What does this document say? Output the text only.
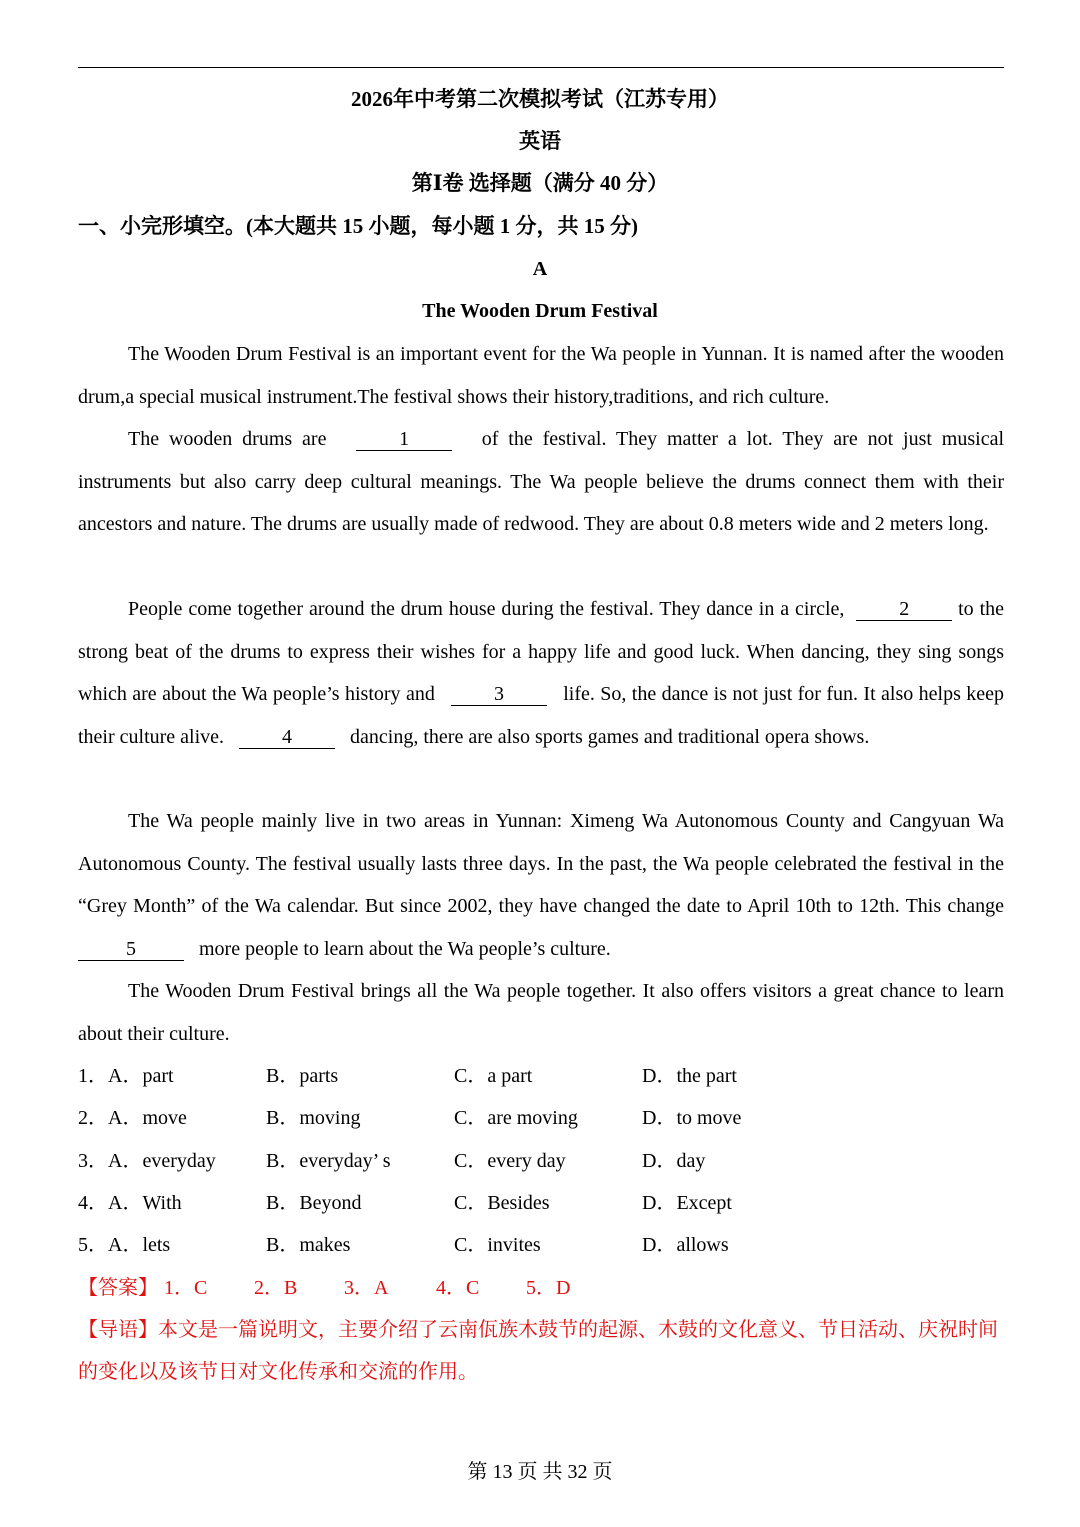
2026年中考第二次模拟考试（江苏专用）
英语
第Ⅰ卷 选择题（满分 40 分）
一、小完形填空。(本大题共 15 小题，每小题 1 分，共 15 分)
A
The Wooden Drum Festival
The Wooden Drum Festival is an important event for the Wa people in Yunnan. It is named after the wooden drum,a special musical instrument.The festival shows their history,traditions, and rich culture.
The wooden drums are	1	of the festival. They matter a lot. They are not just musical instruments but also carry deep cultural meanings. The Wa people believe the drums connect them with their ancestors and nature. The drums are usually made of redwood. They are about 0.8 meters wide and 2 meters long.
People come together around the drum house during the festival. They dance in a circle,	2 to the strong beat of the drums to express their wishes for a happy life and good luck. When dancing, they sing songs which are about the Wa people’s history and	3	life. So, the dance is not just for fun. It also helps keep their culture alive.	4	dancing, there are also sports games and traditional opera shows.
The Wa people mainly live in two areas in Yunnan: Ximeng Wa Autonomous County and Cangyuan Wa Autonomous County. The festival usually lasts three days. In the past, the Wa people celebrated the festival in the “Grey Month” of the Wa calendar. But since 2002, they have changed the date to April 10th to 12th. This change5	more people to learn about the Wa people’s culture.
The Wooden Drum Festival brings all the Wa people together. It also offers visitors a great chance to learn about their culture.
1． A．part	B．parts	C．a part	D．the part
2． A．move	B．moving	C．are moving	D．to move
3． A．everyday	B．everyday’ s	C．every day	D．day
4． A．With	B．Beyond	C．Besides	D．Except
5． A．lets	B．makes	C．invites	D．allows
【答案】 1．C 2．B 3．A 4．C 5．D
【导语】本文是一篇说明文，主要介绍了云南佤族木鼓节的起源、木鼓的文化意义、节日活动、庆祝时间的变化以及该节日对文化传承和交流的作用。
第 13 页 共 32 页
